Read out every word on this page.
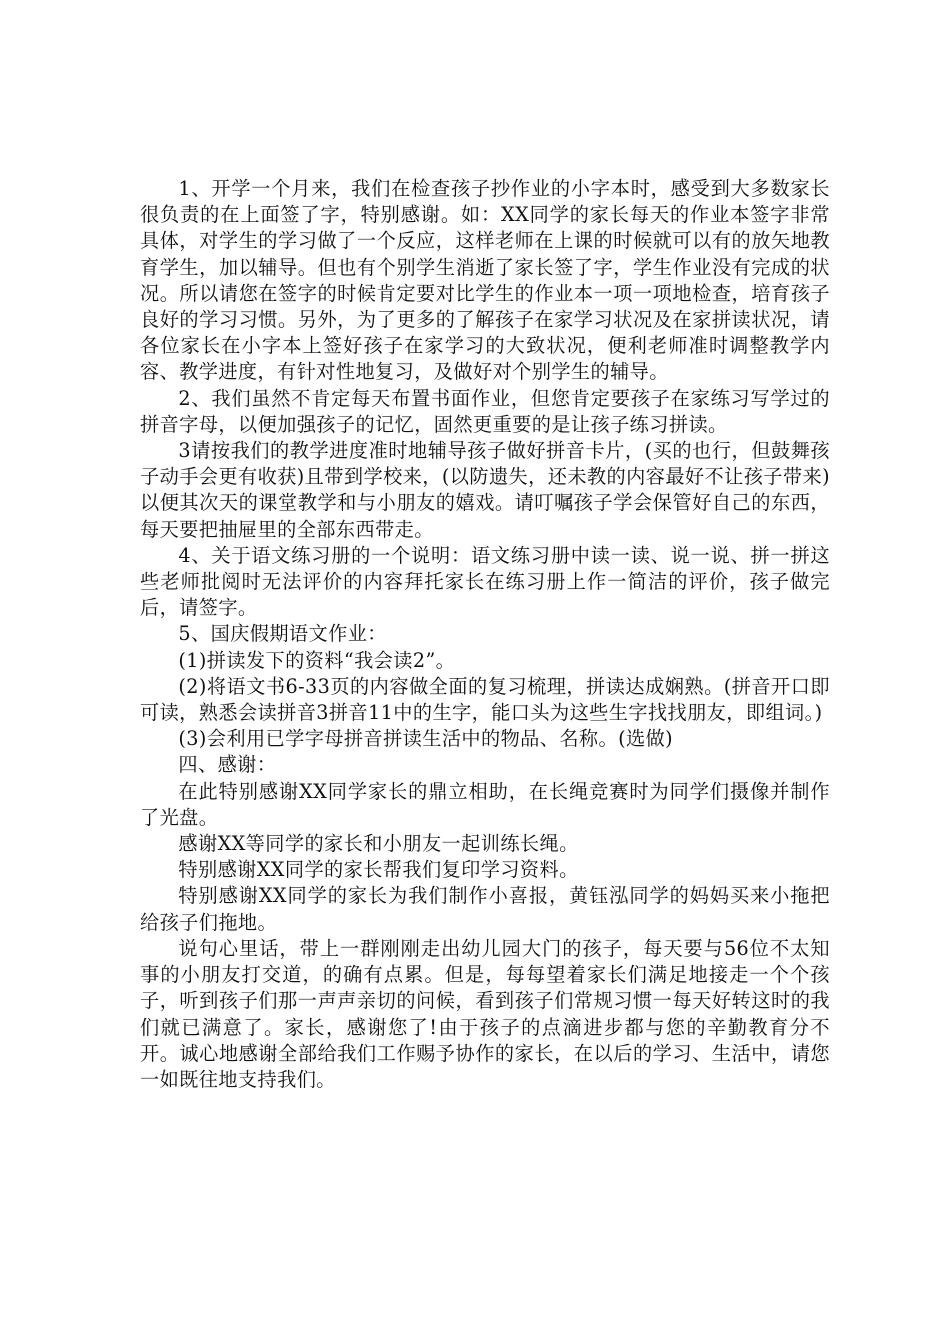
1、开学一个月来，我们在检查孩子抄作业的小字本时，感受到大多数家长很负责的在上面签了字，特别感谢。如：XX同学的家长每天的作业本签字非常具体，对学生的学习做了一个反应，这样老师在上课的时候就可以有的放矢地教育学生，加以辅导。但也有个别学生消逝了家长签了字，学生作业没有完成的状况。所以请您在签字的时候肯定要对比学生的作业本一项一项地检查，培育孩子良好的学习习惯。另外，为了更多的了解孩子在家学习状况及在家拼读状况，请各位家长在小字本上签好孩子在家学习的大致状况，便利老师准时调整教学内容、教学进度，有针对性地复习，及做好对个别学生的辅导。

2、我们虽然不肯定每天布置书面作业，但您肯定要孩子在家练习写学过的拼音字母，以便加强孩子的记忆，固然更重要的是让孩子练习拼读。

3请按我们的教学进度准时地辅导孩子做好拼音卡片，(买的也行，但鼓舞孩子动手会更有收获)且带到学校来，(以防遗失，还未教的内容最好不让孩子带来)以便其次天的课堂教学和与小朋友的嬉戏。请叮嘱孩子学会保管好自己的东西，每天要把抽屉里的全部东西带走。

4、关于语文练习册的一个说明：语文练习册中读一读、说一说、拼一拼这些老师批阅时无法评价的内容拜托家长在练习册上作一简洁的评价，孩子做完后，请签字。

5、国庆假期语文作业：

(1)拼读发下的资料“我会读2”。

(2)将语文书6-33页的内容做全面的复习梳理，拼读达成娴熟。(拼音开口即可读，熟悉会读拼音3拼音11中的生字，能口头为这些生字找找朋友，即组词。)

(3)会利用已学字母拼音拼读生活中的物品、名称。(选做)

四、感谢：

在此特别感谢XX同学家长的鼎立相助，在长绳竞赛时为同学们摄像并制作了光盘。

感谢XX等同学的家长和小朋友一起训练长绳。

特别感谢XX同学的家长帮我们复印学习资料。

特别感谢XX同学的家长为我们制作小喜报，黄钰泓同学的妈妈买来小拖把给孩子们拖地。

说句心里话，带上一群刚刚走出幼儿园大门的孩子，每天要与56位不太知事的小朋友打交道，的确有点累。但是，每每望着家长们满足地接走一个个孩子，听到孩子们那一声声亲切的问候，看到孩子们常规习惯一每天好转这时的我们就已满意了。家长，感谢您了!由于孩子的点滴进步都与您的辛勤教育分不开。诚心地感谢全部给我们工作赐予协作的家长，在以后的学习、生活中，请您一如既往地支持我们。
